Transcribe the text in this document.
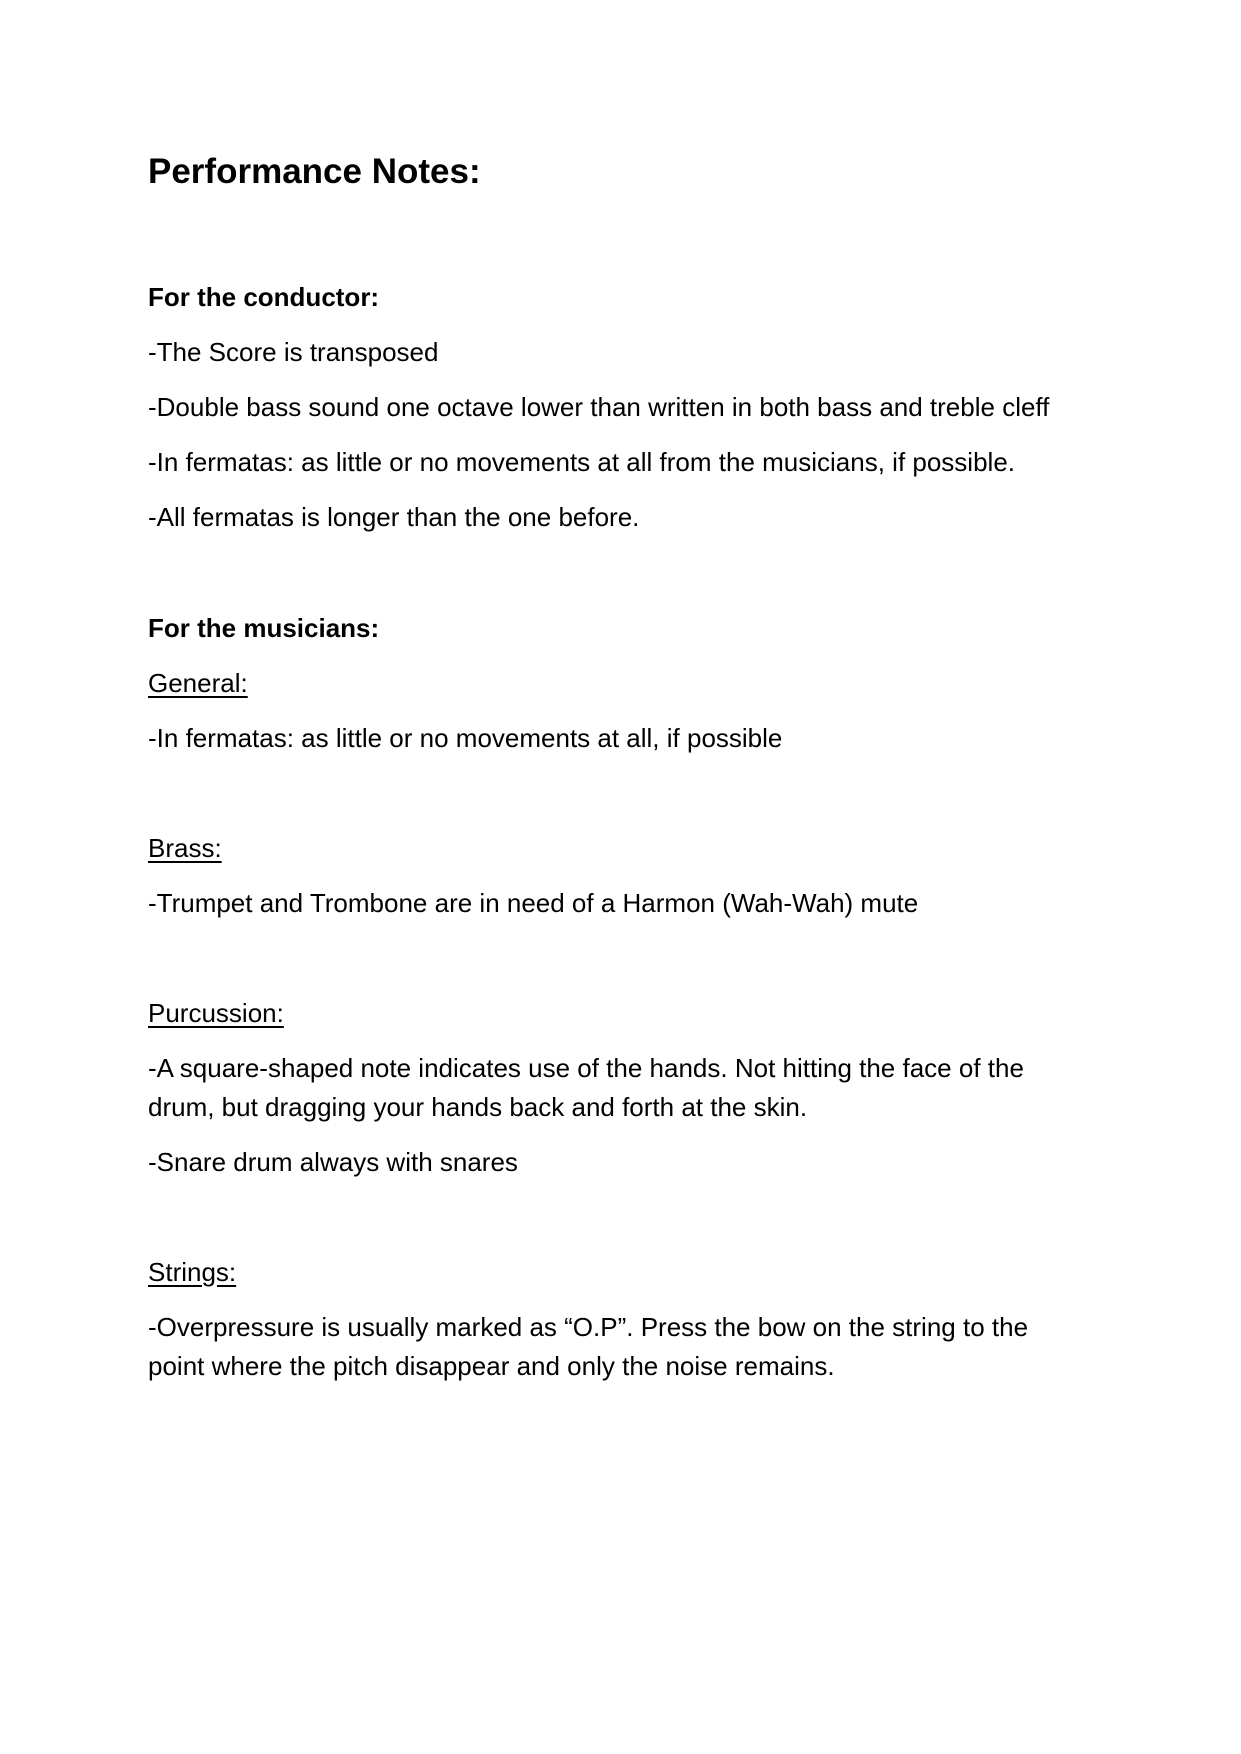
Performance Notes:
For the conductor:
-The Score is transposed
-Double bass sound one octave lower than written in both bass and treble cleff
-In fermatas: as little or no movements at all from the musicians, if possible.
-All fermatas is longer than the one before.
For the musicians:
General:
-In fermatas: as little or no movements at all, if possible
Brass:
-Trumpet and Trombone are in need of a Harmon (Wah-Wah) mute
Purcussion:
-A square-shaped note indicates use of the hands. Not hitting the face of the drum, but dragging your hands back and forth at the skin.
-Snare drum always with snares
Strings:
-Overpressure is usually marked as “O.P”. Press the bow on the string to the point where the pitch disappear and only the noise remains.
